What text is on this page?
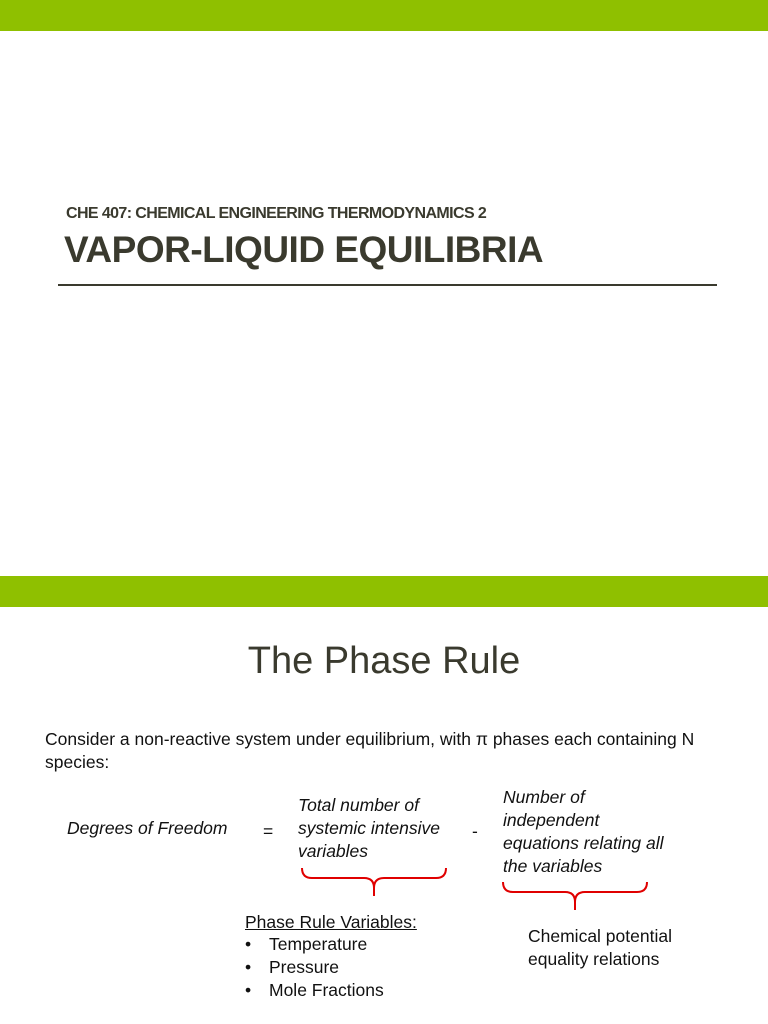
CHE 407: CHEMICAL ENGINEERING THERMODYNAMICS 2
VAPOR-LIQUID EQUILIBRIA
The Phase Rule

Consider a non-reactive system under equilibrium, with π phases each containing N species:

Degrees of Freedom =

Total number of systemic intensive variables

-

Number of independent equations relating all the variables

Phase Rule Variables:

• Temperature
• Pressure
• Mole Fractions

Chemical potential equality relations
